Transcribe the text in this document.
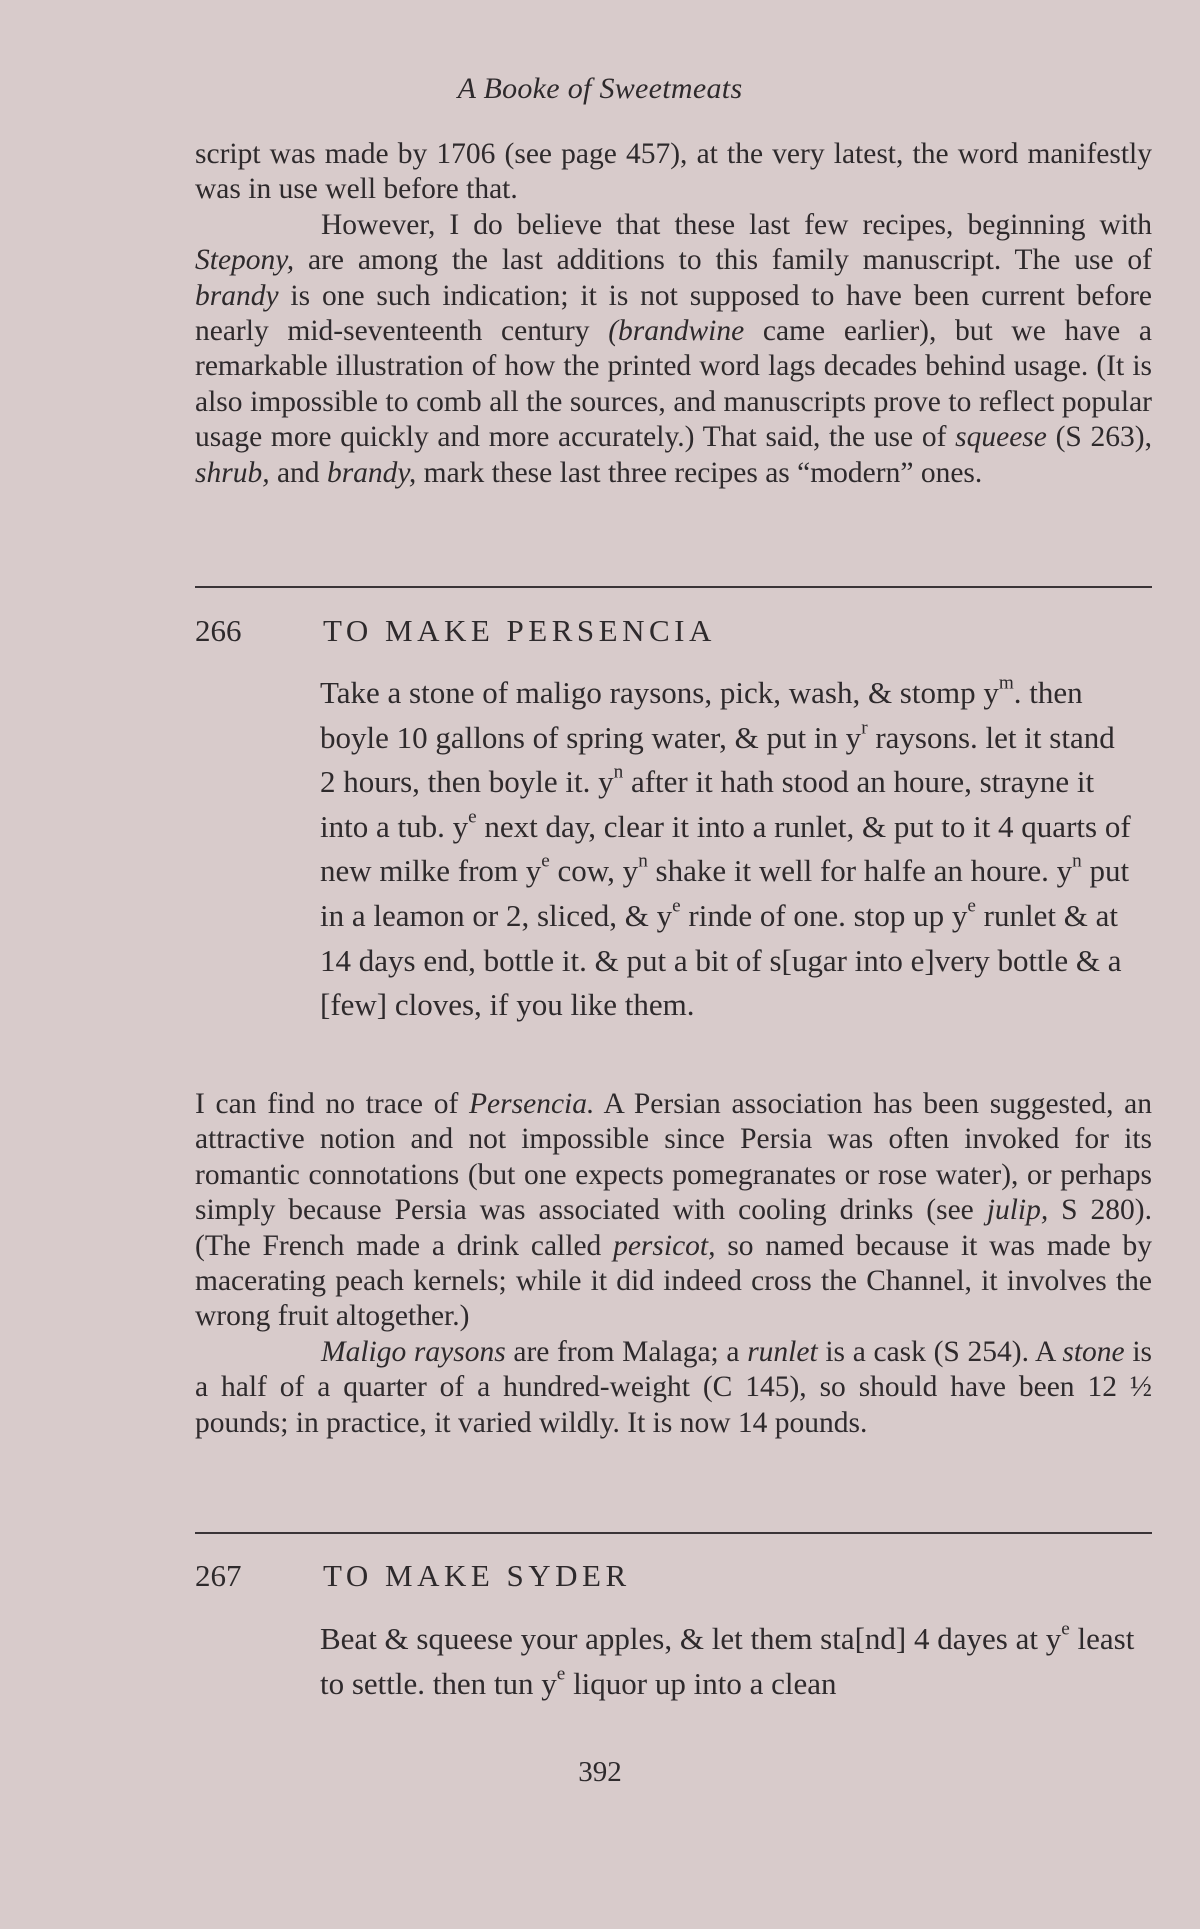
A Booke of Sweetmeats

script was made by 1706 (see page 457), at the very latest, the word manifestly was in use well before that.

However, I do believe that these last few recipes, beginning with Stepony, are among the last additions to this family manuscript. The use of brandy is one such indication; it is not supposed to have been current before nearly mid-seventeenth century (brandwine came earlier), but we have a remarkable illustration of how the printed word lags decades behind usage. (It is also impossible to comb all the sources, and manuscripts prove to reflect popular usage more quickly and more accurately.) That said, the use of squeese (S 263), shrub, and brandy, mark these last three recipes as “modern” ones.

266	TO MAKE PERSENCIA

Take a stone of maligo raysons, pick, wash, & stomp $y^m$. then boyle 10 gallons of spring water, & put in $y^r$ raysons. let it stand 2 hours, then boyle it. $y^n$ after it hath stood an houre, strayne it into a tub. $y^e$ next day, clear it into a runlet, & put to it 4 quarts of new milke from $y^e$ cow, $y^n$ shake it well for halfe an houre. $y^n$ put in a leamon or 2, sliced, & $y^e$ rinde of one. stop up $y^e$ runlet & at 14 days end, bottle it. & put a bit of s[ugar into e]very bottle & a [few] cloves, if you like them.

I can find no trace of Persencia. A Persian association has been suggested, an attractive notion and not impossible since Persia was often invoked for its romantic connotations (but one expects pomegranates or rose water), or perhaps simply because Persia was associated with cooling drinks (see julip, S 280). (The French made a drink called persicot, so named because it was made by macerating peach kernels; while it did indeed cross the Channel, it involves the wrong fruit altogether.)

Maligo raysons are from Malaga; a runlet is a cask (S 254). A stone is a half of a quarter of a hundred-weight (C 145), so should have been 12 ½ pounds; in practice, it varied wildly. It is now 14 pounds.

267	TO MAKE SYDER

Beat & squeese your apples, & let them sta[nd] 4 dayes at $y^e$ least to settle. then tun $y^e$ liquor up into a clean

392
